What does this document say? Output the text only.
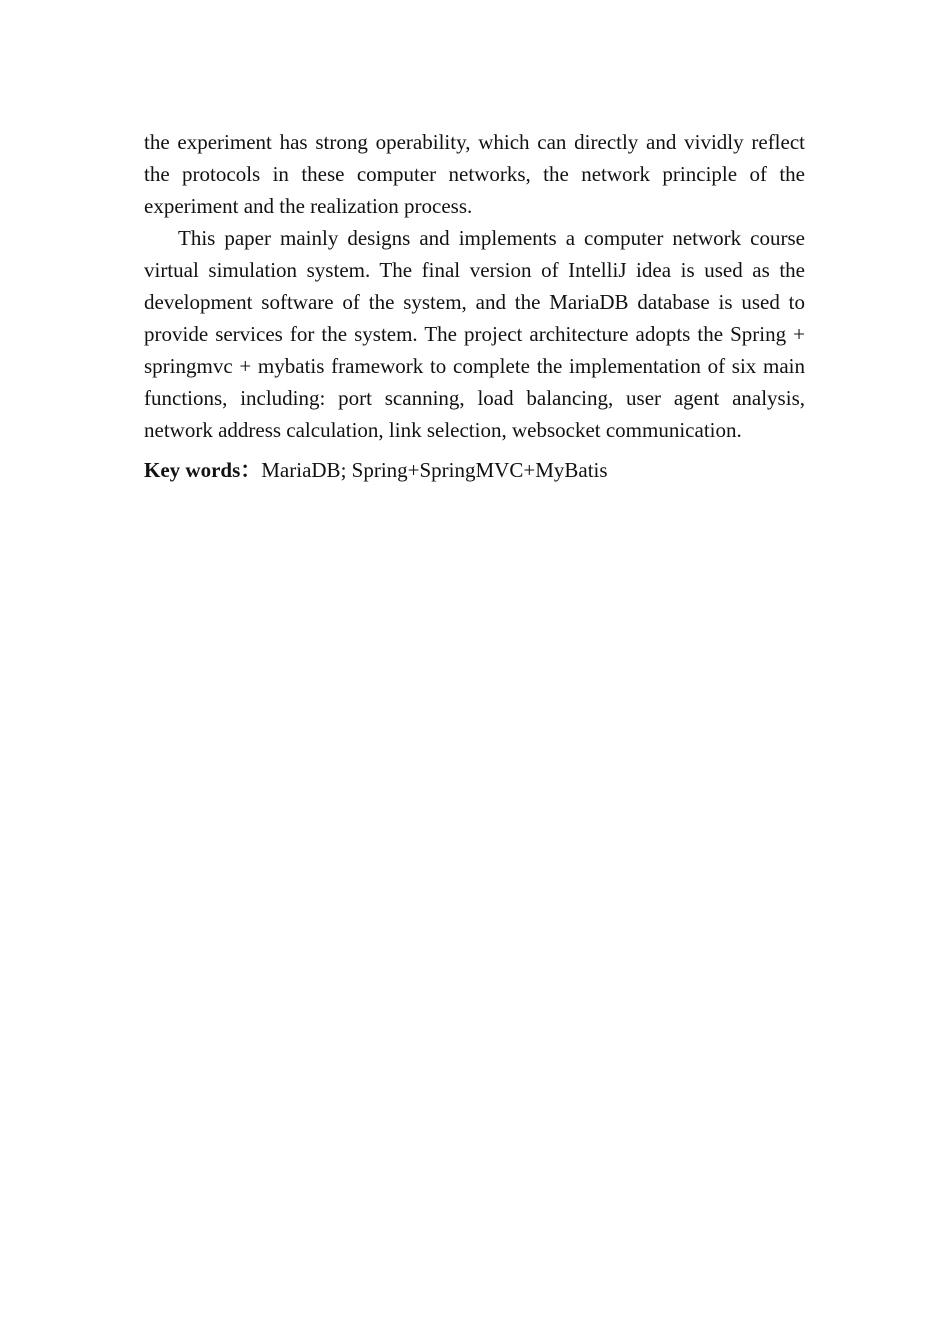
the experiment has strong operability, which can directly and vividly reflect the protocols in these computer networks, the network principle of the experiment and the realization process.

This paper mainly designs and implements a computer network course virtual simulation system. The final version of IntelliJ idea is used as the development software of the system, and the MariaDB database is used to provide services for the system. The project architecture adopts the Spring + springmvc + mybatis framework to complete the implementation of six main functions, including: port scanning, load balancing, user agent analysis, network address calculation, link selection, websocket communication.

Key words：MariaDB; Spring+SpringMVC+MyBatis
